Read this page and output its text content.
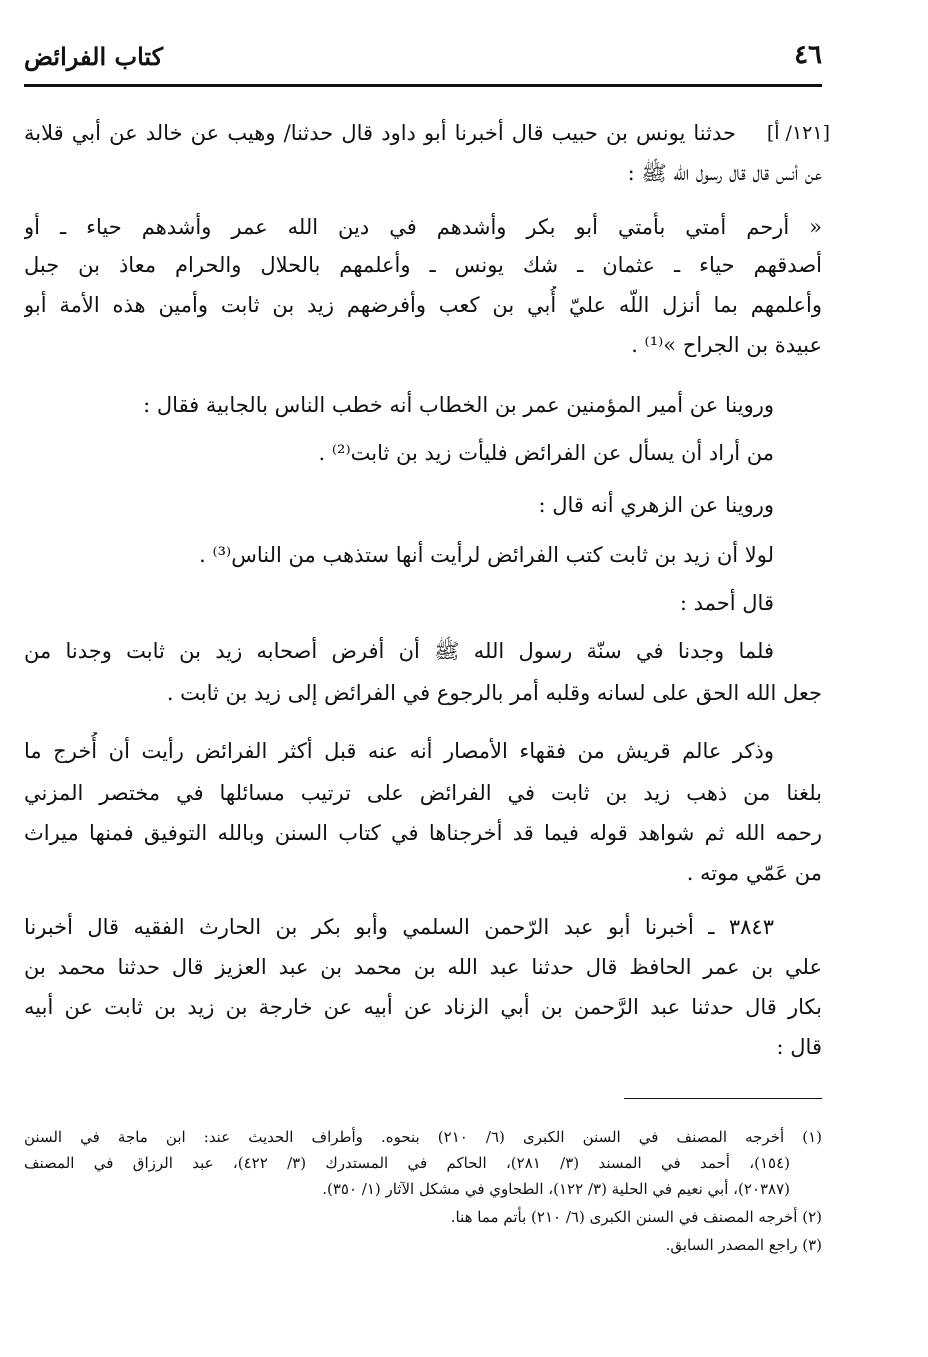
كتاب الفرائض	٤٦
[١٢١/ أ]
حدثنا يونس بن حبيب قال أخبرنا أبو داود قال حدثنا/ وهيب عن خالد عن أبي قلابة
عن أنس قال قال رسول الله ﷺ :
« أرحم أمتي بأمتي أبو بكر وأشدهم في دين الله عمر وأشدهم حياء ـ أو
أصدقهم حياء ـ عثمان ـ شك يونس ـ وأعلمهم بالحلال والحرام معاذ بن جبل
وأعلمهم بما أنزل اللّه عليّ أُبي بن كعب وأفرضهم زيد بن ثابت وأمين هذه الأمة أبو
عبيدة بن الجراح »⁽¹⁾ .
وروينا عن أمير المؤمنين عمر بن الخطاب أنه خطب الناس بالجابية فقال :
من أراد أن يسأل عن الفرائض فليأت زيد بن ثابت⁽²⁾ .
وروينا عن الزهري أنه قال :
لولا أن زيد بن ثابت كتب الفرائض لرأيت أنها ستذهب من الناس⁽³⁾ .
قال أحمد :
فلما وجدنا في سنّة رسول الله ﷺ أن أفرض أصحابه زيد بن ثابت وجدنا من
جعل الله الحق على لسانه وقلبه أمر بالرجوع في الفرائض إلى زيد بن ثابت .
وذكر عالم قريش من فقهاء الأمصار أنه عنه قبل أكثر الفرائض رأيت أن أُخرج ما
بلغنا من ذهب زيد بن ثابت في الفرائض على ترتيب مسائلها في مختصر المزني
رحمه الله ثم شواهد قوله فيما قد أخرجناها في كتاب السنن وبالله التوفيق فمنها ميراث
من عَمّي موته .
٣٨٤٣ ـ أخبرنا أبو عبد الرّحمن السلمي وأبو بكر بن الحارث الفقيه قال أخبرنا
علي بن عمر الحافظ قال حدثنا عبد الله بن محمد بن عبد العزيز قال حدثنا محمد بن
بكار قال حدثنا عبد الرَّحمن بن أبي الزناد عن أبيه عن خارجة بن زيد بن ثابت عن أبيه
قال :
(١) أخرجه المصنف في السنن الكبرى (٦/ ٢١٠) بنحوه. وأطراف الحديث عند: ابن ماجة في السنن
(١٥٤)، أحمد في المسند (٣/ ٢٨١)، الحاكم في المستدرك (٣/ ٤٢٢)، عبد الرزاق في المصنف
(٢٠٣٨٧)، أبي نعيم في الحلية (٣/ ١٢٢)، الطحاوي في مشكل الآثار (١/ ٣٥٠).
(٢) أخرجه المصنف في السنن الكبرى (٦/ ٢١٠) بأتم مما هنا.
(٣) راجع المصدر السابق.
